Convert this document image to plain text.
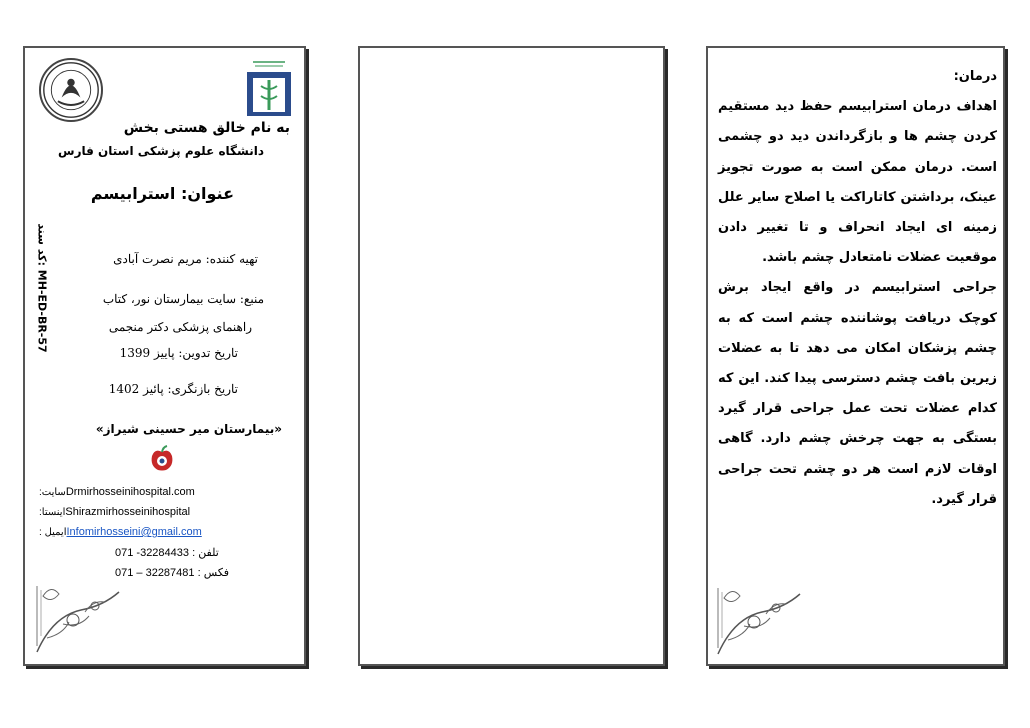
به نام خالق هستی بخش
دانشگاه علوم پزشکی استان فارس
عنوان: استرابیسم
کد سند: MH-ED-BR-57
تهیه کننده: مریم نصرت آبادی
منبع: سایت بیمارستان نور، کتاب
راهنمای پزشکی دکتر منجمی
تاریخ تدوین: پاییز 1399
تاریخ بازنگری: پائیز 1402
«بیمارستان میر حسینی شیراز»
:سایتDrmirhosseinihospital.com
:اینستاShirazmirhosseinihospital
: ایمیلInfomirhosseini@gmail.com
071 -32284433 : تلفن
071 – 32287481 : فکس
درمان:
اهداف درمان استرابیسم حفظ دید مستقیم کردن چشم ها و بازگرداندن دید دو چشمی است. درمان ممکن است به صورت تجویز عینک، برداشتن کاتاراکت یا اصلاح سایر علل زمینه ای ایجاد انحراف و تا تغییر دادن موقعیت عضلات نامتعادل چشم باشد.
جراحی استرابیسم در واقع ایجاد برش کوچک دریافت پوشاننده چشم است که به چشم پزشکان امکان می دهد تا به عضلات زیرین بافت چشم دسترسی پیدا کند. این که کدام عضلات تحت عمل جراحی قرار گیرد بستگی به جهت چرخش چشم دارد. گاهی اوقات لازم است هر دو چشم تحت جراحی قرار گیرد.
